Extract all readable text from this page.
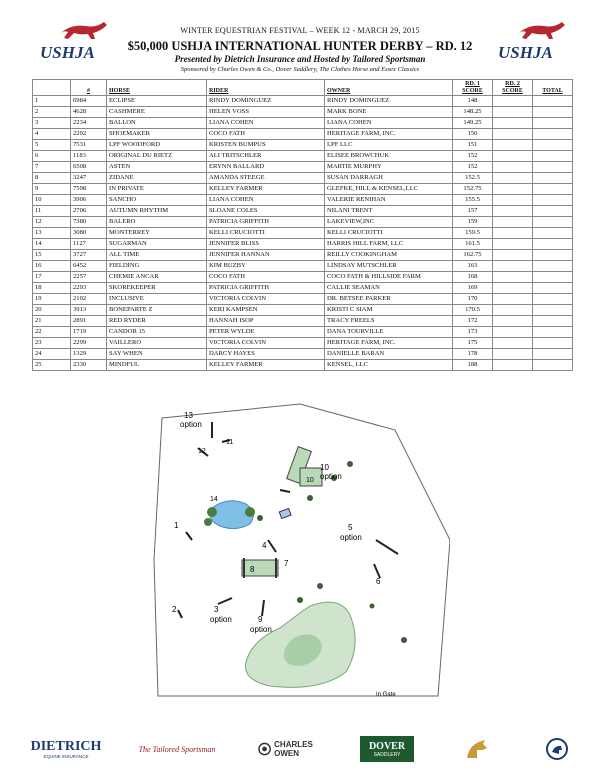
USHJA	USHJA
WINTER EQUESTRIAN FESTIVAL – WEEK 12 - MARCH 29, 2015
$50,000 USHJA INTERNATIONAL HUNTER DERBY – RD. 12
Presented by Dietrich Insurance and Hosted by Tailored Sportsman
Sponsored by Charles Owen & Co., Dover Saddlery, The Clothes Horse and Essex Classics
	#	HORSE	RIDER	OWNER	RD. 1 SCORE	RD. 2 SCORE	TOTAL
1	6984	ECLIPSE	RINDY DOMINGUEZ	RINDY DOMINGUEZ	148		
2	4628	CASHMERE	HELEN VOSS	MARK BONE	148.25		
3	2234	BALLON	LIANA COHEN	LIANA COHEN	149.25		
4	2292	SHOEMAKER	COCO FATH	HERITAGE FARM, INC.	150		
5	7531	LPF WOODFORD	KRISTEN BUMPUS	LPF LLC	151		
6	1183	ORIGINAL DU RIETZ	ALI TRITSCHLER	ELISEE BROWCHUK	152		
7	6508	ASTEN	ERYNN BALLARD	MARTIE MURPHY	152		
8	3247	ZIDANE	AMANDA STEEGE	SUSAN DARRAGH	152.5		
9	7598	IN PRIVATE	KELLEY FARMER	GLEFKE, HILL & KENSEL,LLC	152.75		
10	3906	SANCHO	LIANA COHEN	VALERIE RENIHAN	155.5		
11	2706	AUTUMN RHYTHM	SLOANE COLES	NILANI TRENT	157		
12	7380	BALERO	PATRICIA GRIFFITH	LAKEVIEW,INC	159		
13	3080	MONTERREY	KELLI CRUCIOTTI	KELLI CRUCIOTTI	159.5		
14	1127	SUGARMAN	JENNIFER BLISS	HARRIS HILL FARM, LLC	161.5		
15	3727	ALL TIME	JENNIFER HANNAN	REILLY COOKINGHAM	162.75		
16	6452	FIELDING	KIM BUZBY	LINDSAY MUTSCHLER	163		
17	2257	CHEMIE ANCAR	COCO FATH	COCO FATH & HILLSIDE FARM	168		
18	2293	SKOREKEEPER	PATRICIA GRIFFITH	CALLIE SEAMAN	169		
19	2102	INCLUSIVE	VICTORIA COLVIN	DR. BETSEE PARKER	170		
20	3913	BONEPARTE Z	KERI KAMPSEN	KRISTI C SIAM	170.5		
21	2891	RED RYDER	HANNAH ISOP	TRACY FREELS	172		
22	1719	CANDOR 15	PETER WYLDE	DANA TOURVILLE	173		
23	2299	VAILLERO	VICTORIA COLVIN	HERITAGE FARM, INC.	175		
24	1329	SAY WHEN	DARCY HAYES	DANIELLE BARAN	178		
25	2330	MINDFUL	KELLEY FARMER	KENSEL, LLC	188		
13
option
11
12
10
option
10
14
1	5
option
4
7
8
6
2	3
option	9
option
In Gate
DIETRICH
EQUINE INSURANCE
The Tailored Sportsman	CHARLES OWEN
DOVER
SADDLERY
